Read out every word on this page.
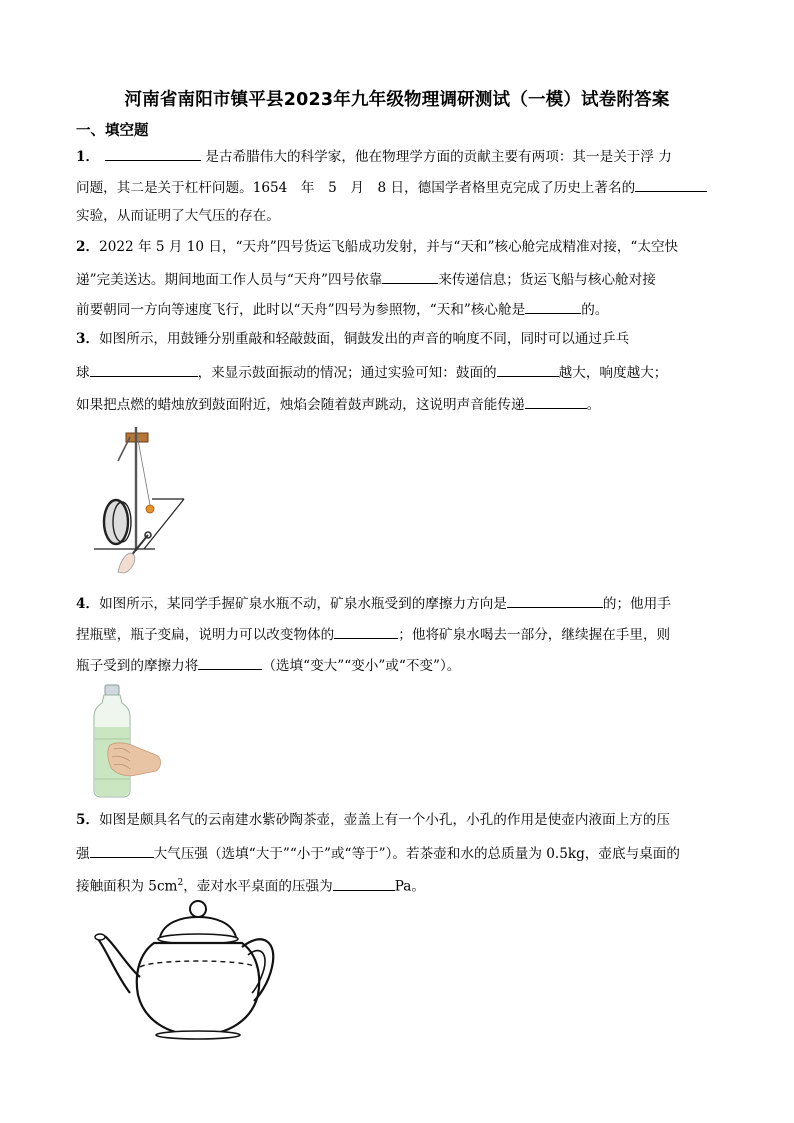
河南省南阳市镇平县2023年九年级物理调研测试（一模）试卷附答案
一、填空题
1．	是古希腊伟大的科学家，他在物理学方面的贡献主要有两项：其一是关于浮 力
问题，其二是关于杠杆问题。1654　年　5　月　8 日，德国学者格里克完成了历史上著名的
实验，从而证明了大气压的存在。
2．2022 年 5 月 10 日，“天舟”四号货运飞船成功发射，并与“天和”核心舱完成精准对接，“太空快
递”完美送达。期间地面工作人员与“天舟”四号依靠	来传递信息；货运飞船与核心舱对接
前要朝同一方向等速度飞行，此时以“天舟”四号为参照物，“天和”核心舱是	的。
3．如图所示，用鼓锤分别重敲和轻敲鼓面，铜鼓发出的声音的响度不同，同时可以通过乒乓
球	，来显示鼓面振动的情况；通过实验可知：鼓面的	越大，响度越大；
如果把点燃的蜡烛放到鼓面附近，烛焰会随着鼓声跳动，这说明声音能传递	。
4．如图所示，某同学手握矿泉水瓶不动，矿泉水瓶受到的摩擦力方向是	的；他用手
捏瓶壁，瓶子变扁，说明力可以改变物体的	；他将矿泉水喝去一部分，继续握在手里，则
瓶子受到的摩擦力将	（选填“变大”“变小”或“不变”）。
5．如图是颇具名气的云南建水紫砂陶茶壶，壶盖上有一个小孔，小孔的作用是使壶内液面上方的压
强	大气压强（选填“大于”“小于”或“等于”）。若茶壶和水的总质量为 0.5kg，壶底与桌面的
接触面积为 $5cm^2$，壶对水平桌面的压强为	Pa。
